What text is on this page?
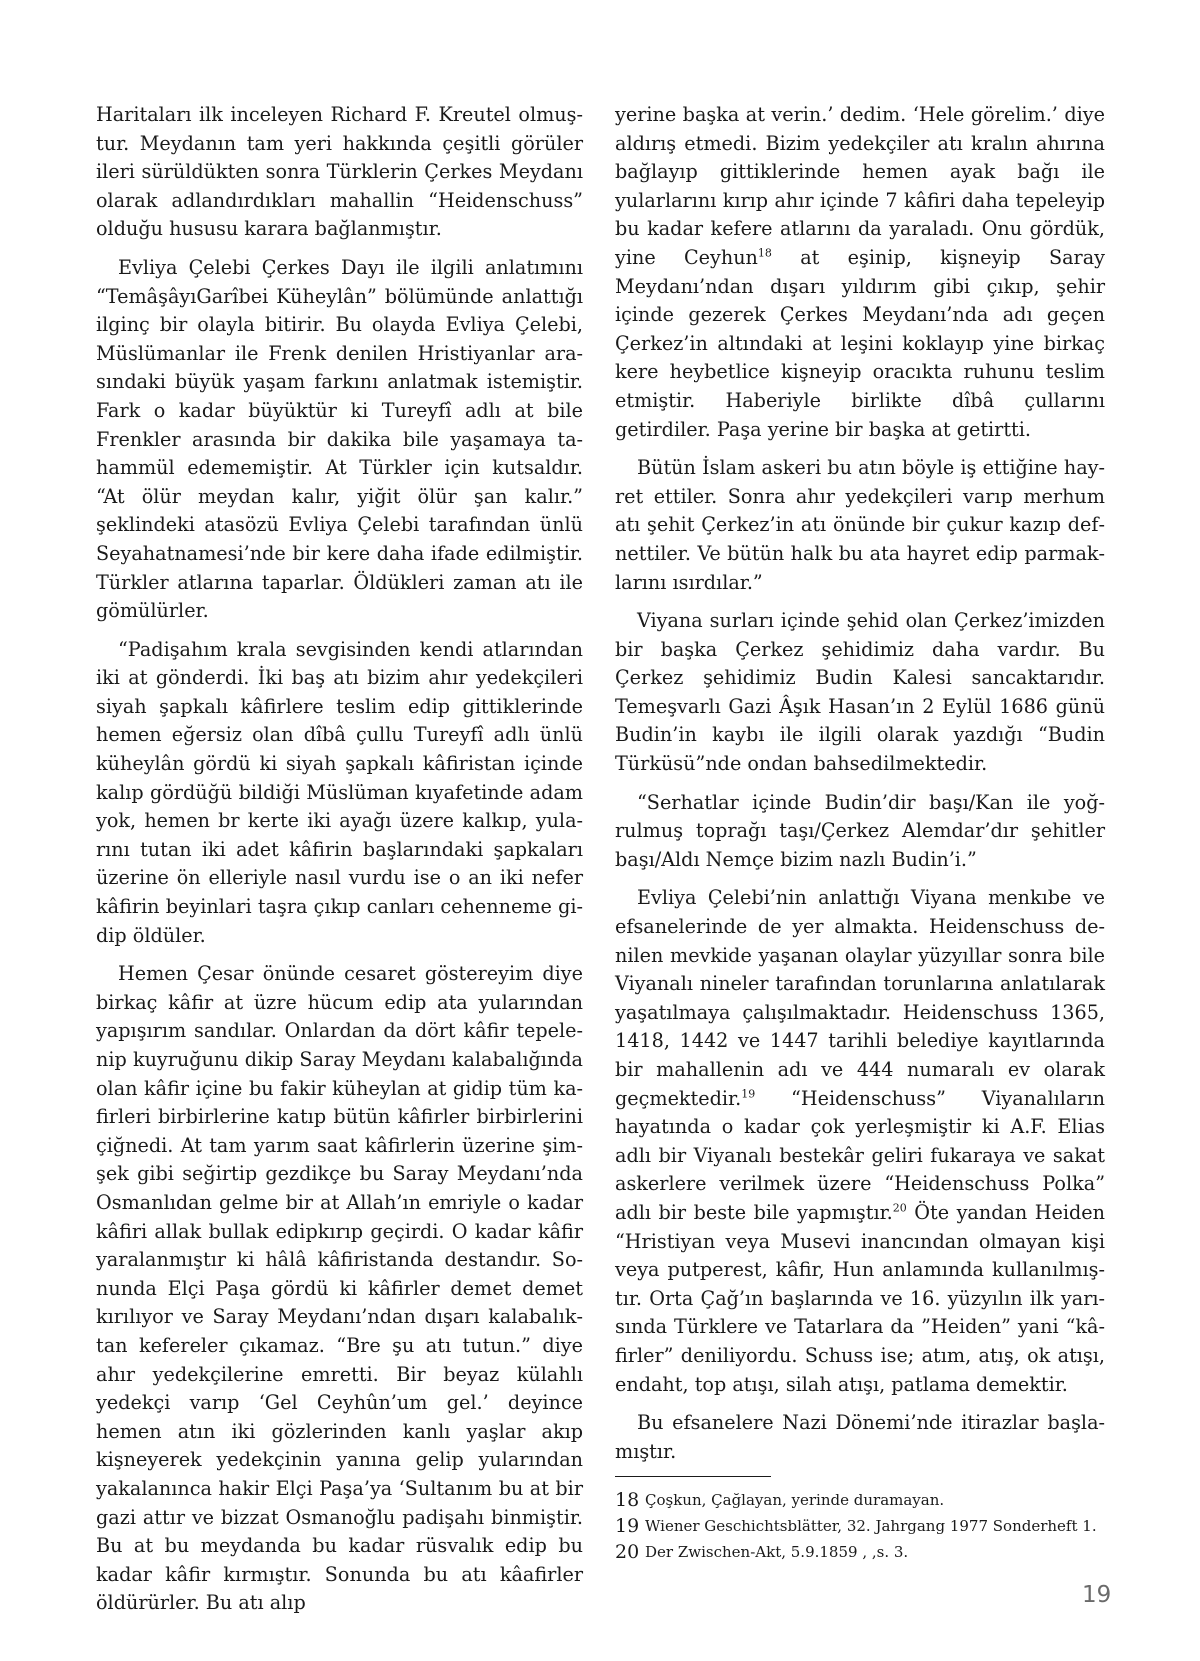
Haritaları ilk inceleyen Richard F. Kreutel olmuştur. Meydanın tam yeri hakkında çeşitli görüler ileri sürüldükten sonra Türklerin Çerkes Meydanı olarak adlandırdıkları mahallin “Heidenschuss” olduğu hususu karara bağlanmıştır.

Evliya Çelebi Çerkes Dayı ile ilgili anlatımını “TemâşâyıGarîbei Küheylân” bölümünde anlattığı ilginç bir olayla bitirir. Bu olayda Evliya Çelebi, Müslümanlar ile Frenk denilen Hristiyanlar arasındaki büyük yaşam farkını anlatmak istemiştir. Fark o kadar büyüktür ki Tureyfî adlı at bile Frenkler arasında bir dakika bile yaşamaya tahammül edememiştir. At Türkler için kutsaldır. “At ölür meydan kalır, yiğit ölür şan kalır.” şeklindeki atasözü Evliya Çelebi tarafından ünlü Seyahatnamesi’nde bir kere daha ifade edilmiştir. Türkler atlarına taparlar. Öldükleri zaman atı ile gömülürler.

“Padişahım krala sevgisinden kendi atlarından iki at gönderdi. İki baş atı bizim ahır yedekçileri siyah şapkalı kâfirlere teslim edip gittiklerinde hemen eğersiz olan dîbâ çullu Tureyfî adlı ünlü küheylân gördü ki siyah şapkalı kâfiristan içinde kalıp gördüğü bildiği Müslüman kıyafetinde adam yok, hemen br kerte iki ayağı üzere kalkıp, yularını tutan iki adet kâfirin başlarındaki şapkaları üzerine ön elleriyle nasıl vurdu ise o an iki nefer kâfirin beyinlari taşra çıkıp canları cehenneme gidip öldüler.

Hemen Çesar önünde cesaret göstereyim diye birkaç kâfir at üzre hücum edip ata yularından yapışırım sandılar. Onlardan da dört kâfir tepelenip kuyruğunu dikip Saray Meydanı kalabalığında olan kâfir içine bu fakir küheylan at gidip tüm kafirleri birbirlerine katıp bütün kâfirler birbirlerini çiğnedi. At tam yarım saat kâfirlerin üzerine şimşek gibi seğirtip gezdikçe bu Saray Meydanı’nda Osmanlıdan gelme bir at Allah’ın emriyle o kadar kâfiri allak bullak edipkırıp geçirdi. O kadar kâfir yaralanmıştır ki hâlâ kâfiristanda destandır. Sonunda Elçi Paşa gördü ki kâfirler demet demet kırılıyor ve Saray Meydanı’ndan dışarı kalabalıktan kefereler çıkamaz. “Bre şu atı tutun.” diye ahır yedekçilerine emretti. Bir beyaz külahlı yedekçi varıp ‘Gel Ceyhûn’um gel.’ deyince hemen atın iki gözlerinden kanlı yaşlar akıp kişneyerek yedekçinin yanına gelip yularından yakalanınca hakir Elçi Paşa’ya ‘Sultanım bu at bir gazi attır ve bizzat Osmanoğlu padişahı binmiştir. Bu at bu meydanda bu kadar rüsvalık edip bu kadar kâfir kırmıştır. Sonunda bu atı kâafirler öldürürler. Bu atı alıp

yerine başka at verin.’ dedim. ‘Hele görelim.’ diye aldırış etmedi. Bizim yedekçiler atı kralın ahırına bağlayıp gittiklerinde hemen ayak bağı ile yularlarını kırıp ahır içinde 7 kâfiri daha tepeleyip bu kadar kefere atlarını da yaraladı. Onu gördük, yine Ceyhun$^{18}$ at eşinip, kişneyip Saray Meydanı’ndan dışarı yıldırım gibi çıkıp, şehir içinde gezerek Çerkes Meydanı’nda adı geçen Çerkez’in altındaki at leşini koklayıp yine birkaç kere heybetlice kişneyip oracıkta ruhunu teslim etmiştir. Haberiyle birlikte dîbâ çullarını getirdiler. Paşa yerine bir başka at getirtti.

Bütün İslam askeri bu atın böyle iş ettiğine hayret ettiler. Sonra ahır yedekçileri varıp merhum atı şehit Çerkez’in atı önünde bir çukur kazıp defnettiler. Ve bütün halk bu ata hayret edip parmaklarını ısırdılar.”

Viyana surları içinde şehid olan Çerkez’imizden bir başka Çerkez şehidimiz daha vardır. Bu Çerkez şehidimiz Budin Kalesi sancaktarıdır. Temeşvarlı Gazi Âşık Hasan’ın 2 Eylül 1686 günü Budin’in kaybı ile ilgili olarak yazdığı “Budin Türküsü”nde ondan bahsedilmektedir.

“Serhatlar içinde Budin’dir başı/Kan ile yoğrulmuş toprağı taşı/Çerkez Alemdar’dır şehitler başı/Aldı Nemçe bizim nazlı Budin’i.”

Evliya Çelebi’nin anlattığı Viyana menkıbe ve efsanelerinde de yer almakta. Heidenschuss denilen mevkide yaşanan olaylar yüzyıllar sonra bile Viyanalı nineler tarafından torunlarına anlatılarak yaşatılmaya çalışılmaktadır. Heidenschuss 1365, 1418, 1442 ve 1447 tarihli belediye kayıtlarında bir mahallenin adı ve 444 numaralı ev olarak geçmektedir.$^{19}$ “Heidenschuss” Viyanalıların hayatında o kadar çok yerleşmiştir ki A.F. Elias adlı bir Viyanalı bestekâr geliri fukaraya ve sakat askerlere verilmek üzere “Heidenschuss Polka” adlı bir beste bile yapmıştır.$^{20}$ Öte yandan Heiden “Hristiyan veya Musevi inancından olmayan kişi veya putperest, kâfir, Hun anlamında kullanılmıştır. Orta Çağ’ın başlarında ve 16. yüzyılın ilk yarısında Türklere ve Tatarlara da ”Heiden” yani “kâfirler” deniliyordu. Schuss ise; atım, atış, ok atışı, endaht, top atışı, silah atışı, patlama demektir.

Bu efsanelere Nazi Dönemi’nde itirazlar başlamıştır.

18 Çoşkun, Çağlayan, yerinde duramayan.
19 Wiener Geschichtsblätter, 32. Jahrgang 1977 Sonderheft 1.
20 Der Zwischen-Akt, 5.9.1859 , ,s. 3.
19
